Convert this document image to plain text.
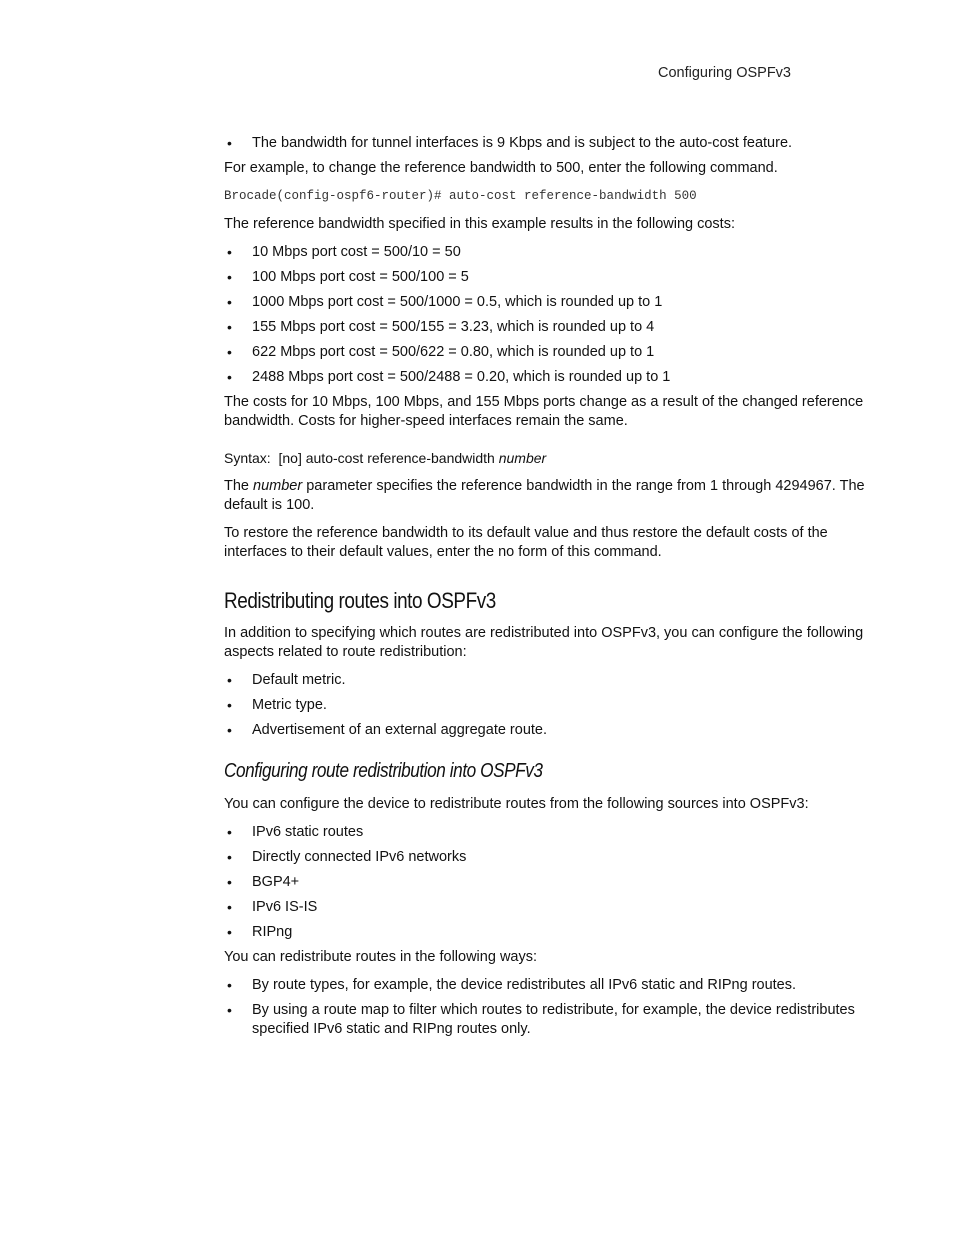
Configuring OSPFv3
• The bandwidth for tunnel interfaces is 9 Kbps and is subject to the auto-cost feature.

For example, to change the reference bandwidth to 500, enter the following command.

Brocade(config-ospf6-router)# auto-cost reference-bandwidth 500

The reference bandwidth specified in this example results in the following costs:

• 10 Mbps port cost = 500/10 = 50
• 100 Mbps port cost = 500/100 = 5
• 1000 Mbps port cost = 500/1000 = 0.5, which is rounded up to 1
• 155 Mbps port cost = 500/155 = 3.23, which is rounded up to 4
• 622 Mbps port cost = 500/622 = 0.80, which is rounded up to 1
• 2488 Mbps port cost = 500/2488 = 0.20, which is rounded up to 1

The costs for 10 Mbps, 100 Mbps, and 155 Mbps ports change as a result of the changed reference bandwidth. Costs for higher-speed interfaces remain the same.

Syntax: [no] auto-cost reference-bandwidth number

The number parameter specifies the reference bandwidth in the range from 1 through 4294967. The default is 100.

To restore the reference bandwidth to its default value and thus restore the default costs of the interfaces to their default values, enter the no form of this command.

Redistributing routes into OSPFv3

In addition to specifying which routes are redistributed into OSPFv3, you can configure the following aspects related to route redistribution:

• Default metric.
• Metric type.
• Advertisement of an external aggregate route.
Configuring route redistribution into OSPFv3

You can configure the device to redistribute routes from the following sources into OSPFv3:

• IPv6 static routes
• Directly connected IPv6 networks
• BGP4+
• IPv6 IS-IS
• RIPng

You can redistribute routes in the following ways:

• By route types, for example, the device redistributes all IPv6 static and RIPng routes.
• By using a route map to filter which routes to redistribute, for example, the device redistributes specified IPv6 static and RIPng routes only.
